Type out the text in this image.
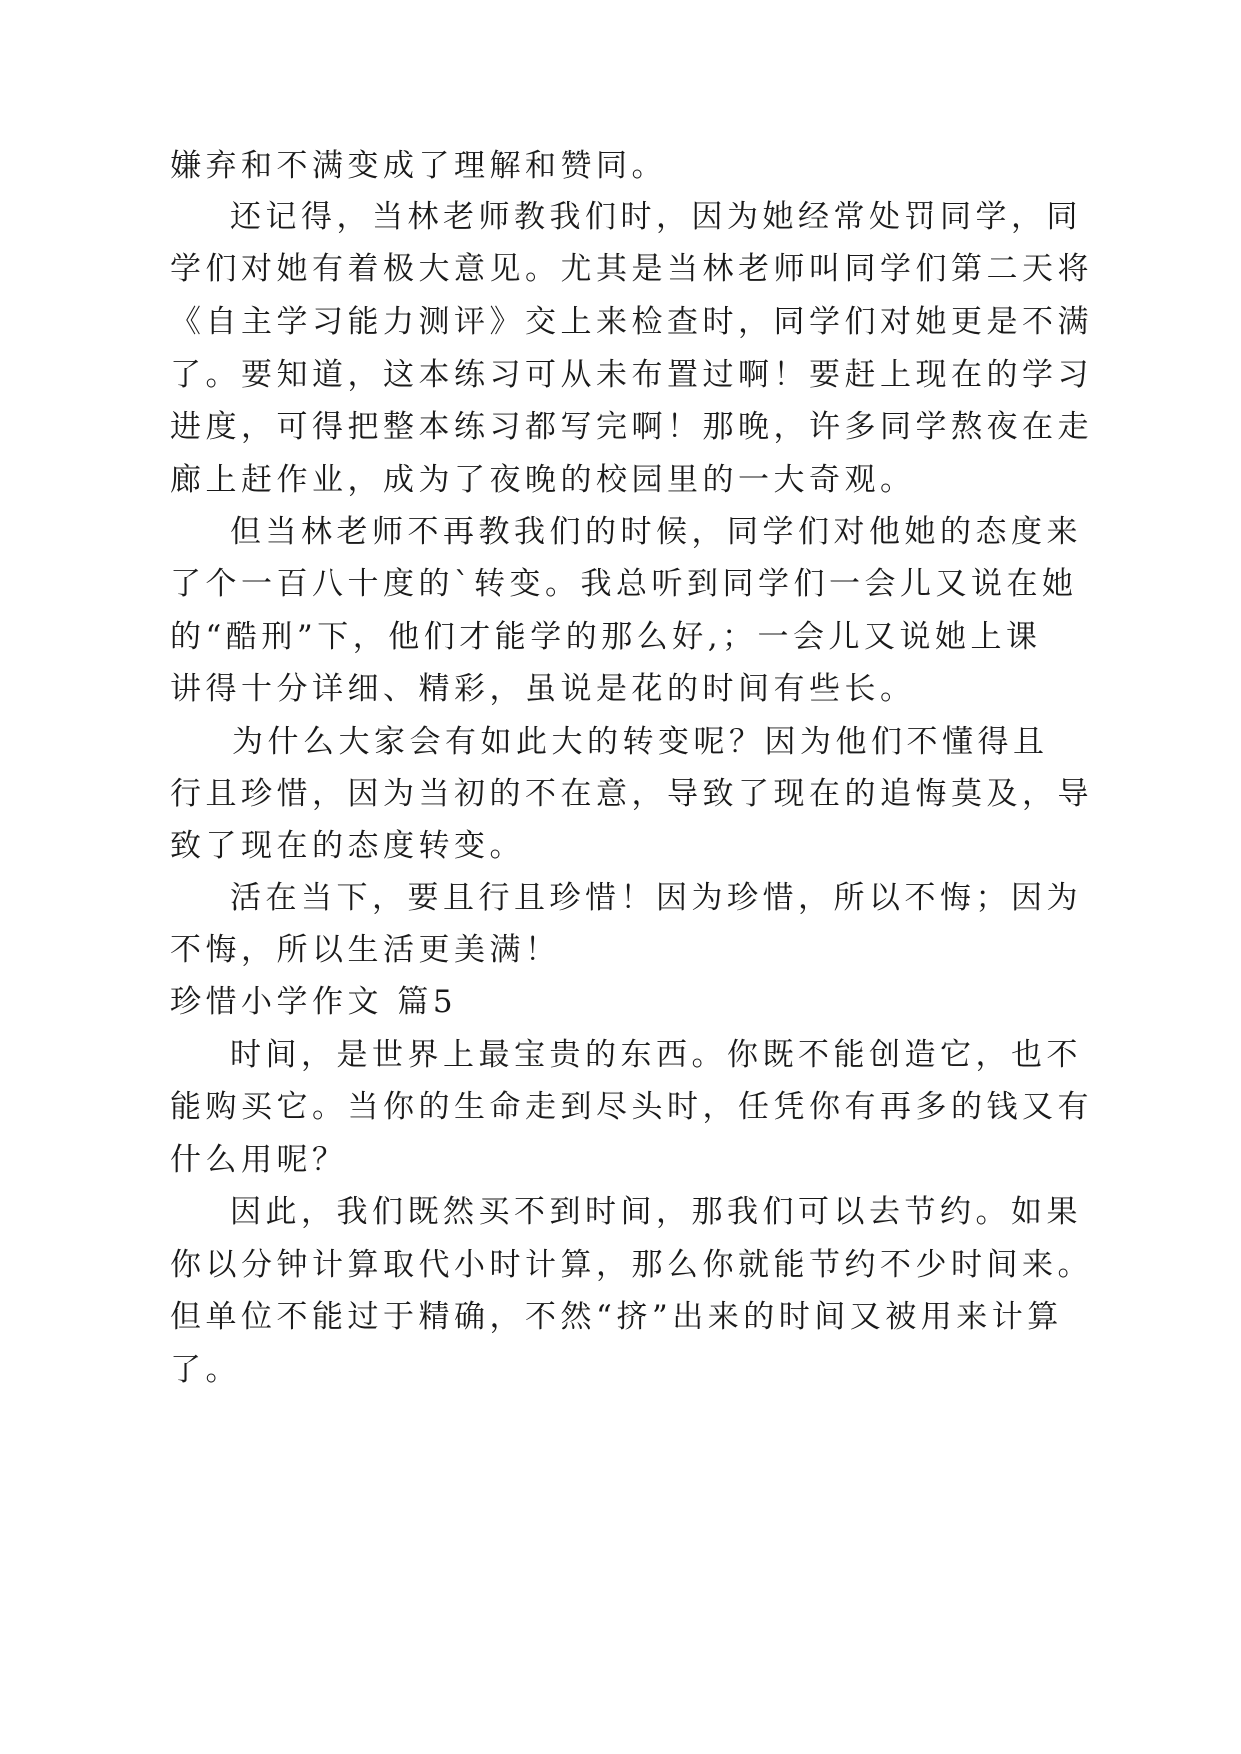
嫌弃和不满变成了理解和赞同。
还记得，当林老师教我们时，因为她经常处罚同学，同
学们对她有着极大意见。尤其是当林老师叫同学们第二天将
《自主学习能力测评》交上来检查时，同学们对她更是不满
了。要知道，这本练习可从未布置过啊！要赶上现在的学习
进度，可得把整本练习都写完啊！那晚，许多同学熬夜在走
廊上赶作业，成为了夜晚的校园里的一大奇观。
但当林老师不再教我们的时候，同学们对他她的态度来
了个一百八十度的`转变。我总听到同学们一会儿又说在她
的“酷刑”下，他们才能学的那么好,；一会儿又说她上课
讲得十分详细、精彩，虽说是花的时间有些长。
为什么大家会有如此大的转变呢？因为他们不懂得且
行且珍惜，因为当初的不在意，导致了现在的追悔莫及，导
致了现在的态度转变。
活在当下，要且行且珍惜！因为珍惜，所以不悔；因为
不悔，所以生活更美满！
珍惜小学作文 篇5
时间，是世界上最宝贵的东西。你既不能创造它，也不
能购买它。当你的生命走到尽头时，任凭你有再多的钱又有
什么用呢？
因此，我们既然买不到时间，那我们可以去节约。如果
你以分钟计算取代小时计算，那么你就能节约不少时间来。
但单位不能过于精确，不然“挤”出来的时间又被用来计算
了。
